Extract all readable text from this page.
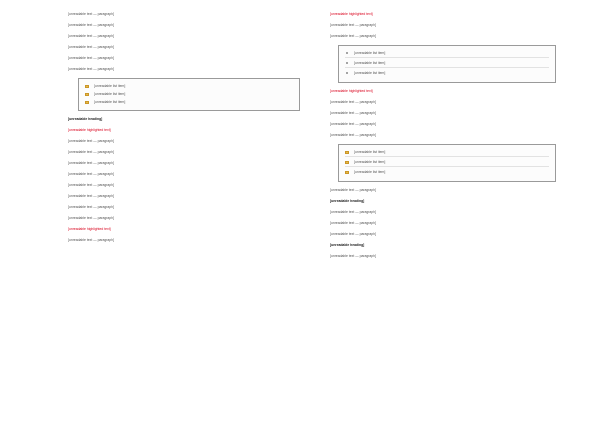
[unreadable text — paragraph]

[unreadable text — paragraph]

[unreadable text — paragraph]

[unreadable text — paragraph]

[unreadable text — paragraph]

[unreadable text — paragraph]

[unreadable list item]
[unreadable list item]
[unreadable list item]

[unreadable heading]

[unreadable highlighted text]

[unreadable text — paragraph]

[unreadable text — paragraph]

[unreadable text — paragraph]

[unreadable text — paragraph]

[unreadable text — paragraph]

[unreadable text — paragraph]

[unreadable text — paragraph]

[unreadable text — paragraph]

[unreadable highlighted text]

[unreadable text — paragraph]

[unreadable highlighted text]

[unreadable text — paragraph]

[unreadable text — paragraph]

[unreadable list item]
[unreadable list item]
[unreadable list item]

[unreadable highlighted text]

[unreadable text — paragraph]

[unreadable text — paragraph]

[unreadable text — paragraph]

[unreadable text — paragraph]

[unreadable list item]
[unreadable list item]
[unreadable list item]

[unreadable text — paragraph]

[unreadable heading]

[unreadable text — paragraph]

[unreadable text — paragraph]

[unreadable text — paragraph]

[unreadable heading]

[unreadable text — paragraph]
